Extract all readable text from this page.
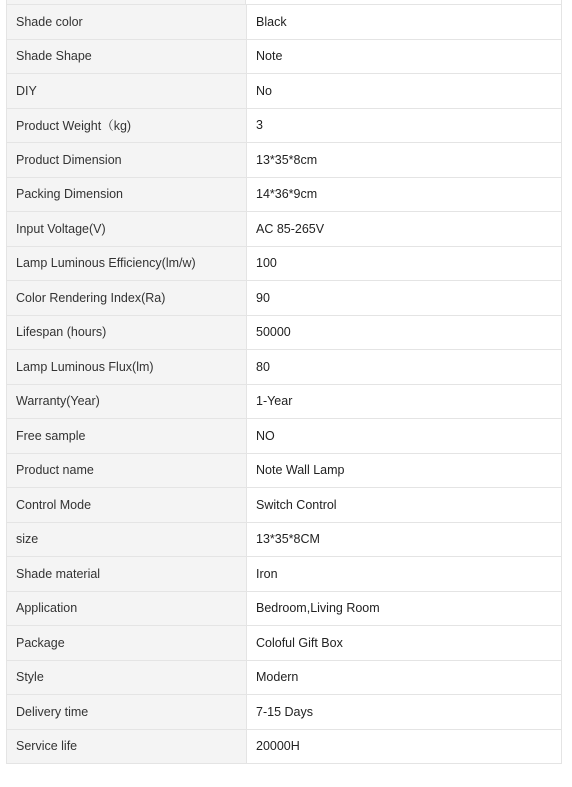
Shade color	Black
Shade Shape	Note
DIY	No
Product Weight（kg)	3
Product Dimension	13*35*8cm
Packing Dimension	14*36*9cm
Input Voltage(V)	AC 85-265V
Lamp Luminous Efficiency(lm/w)	100
Color Rendering Index(Ra)	90
Lifespan (hours)	50000
Lamp Luminous Flux(lm)	80
Warranty(Year)	1-Year
Free sample	NO
Product name	Note Wall Lamp
Control Mode	Switch Control
size	13*35*8CM
Shade material	Iron
Application	Bedroom,Living Room
Package	Coloful Gift Box
Style	Modern
Delivery time	7-15 Days
Service life	20000H
